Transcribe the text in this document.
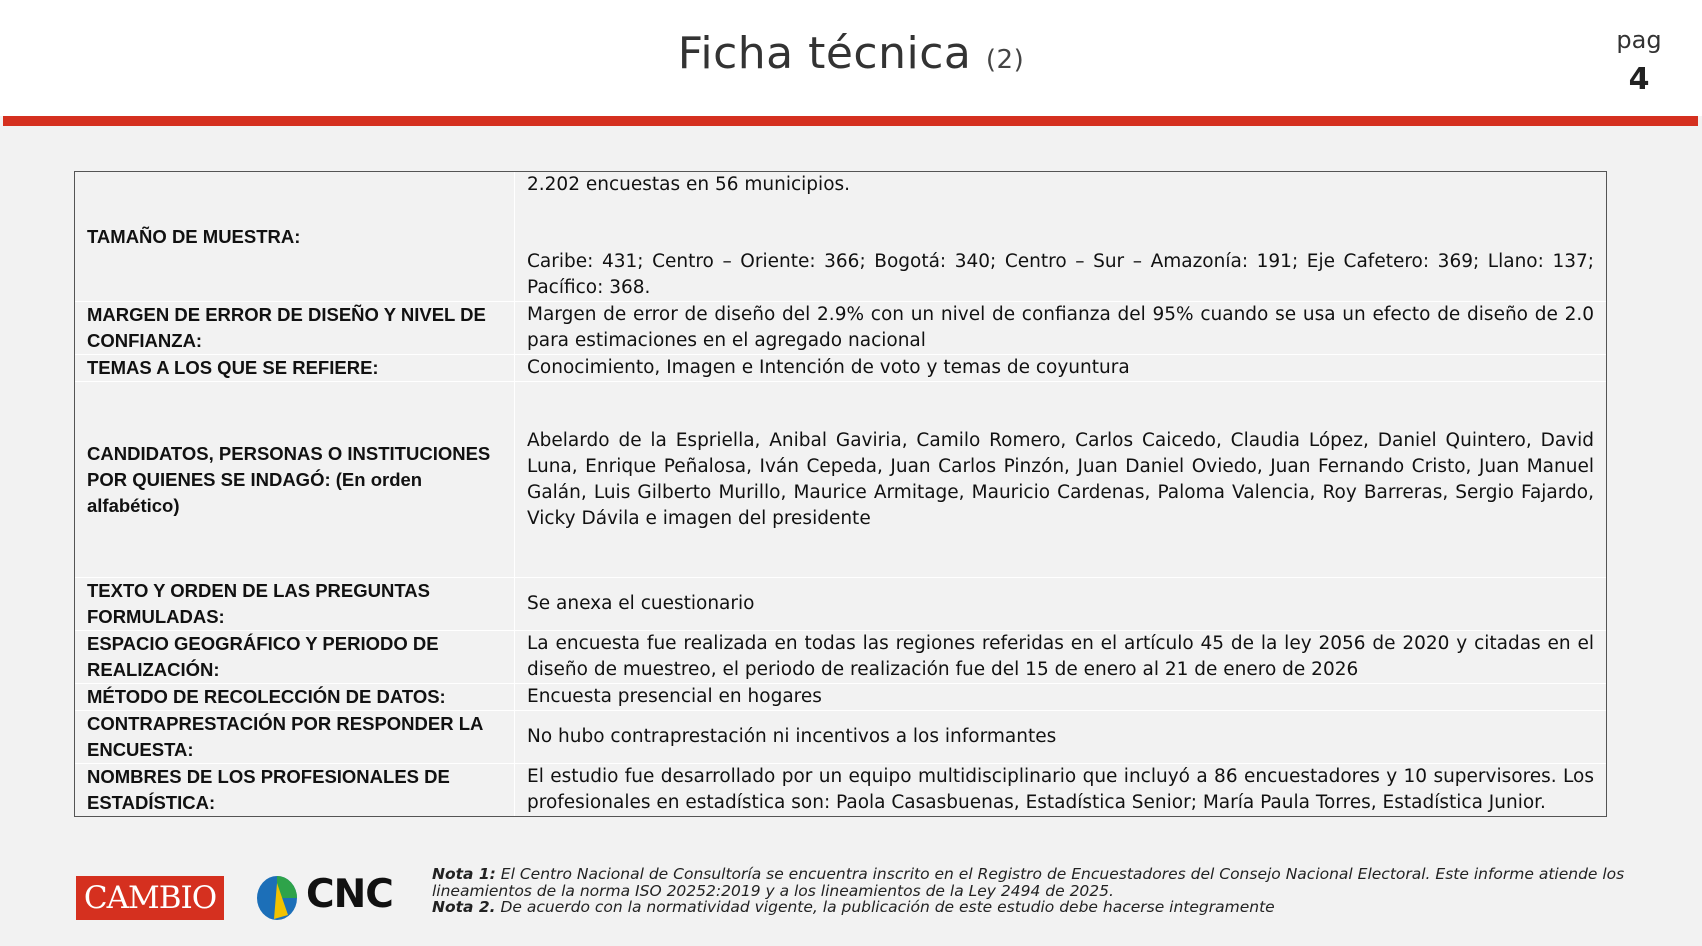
Ficha técnica (2)
pag
4
TAMAÑO DE MUESTRA:	2.202 encuestas en 56 municipios.
Caribe: 431; Centro – Oriente: 366; Bogotá: 340; Centro – Sur – Amazonía: 191; Eje Cafetero: 369; Llano: 137; Pacífico: 368.

MARGEN DE ERROR DE DISEÑO Y NIVEL DE CONFIANZA:	Margen de error de diseño del 2.9% con un nivel de confianza del 95% cuando se usa un efecto de diseño de 2.0 para estimaciones en el agregado nacional
TEMAS A LOS QUE SE REFIERE:	Conocimiento, Imagen e Intención de voto y temas de coyuntura
CANDIDATOS, PERSONAS O INSTITUCIONES POR QUIENES SE INDAGÓ: (En orden alfabético)	Abelardo de la Espriella, Anibal Gaviria, Camilo Romero, Carlos Caicedo, Claudia López, Daniel Quintero, David Luna, Enrique Peñalosa, Iván Cepeda, Juan Carlos Pinzón, Juan Daniel Oviedo, Juan Fernando Cristo, Juan Manuel Galán, Luis Gilberto Murillo, Maurice Armitage, Mauricio Cardenas, Paloma Valencia, Roy Barreras, Sergio Fajardo, Vicky Dávila e imagen del presidente
TEXTO Y ORDEN DE LAS PREGUNTAS FORMULADAS:	Se anexa el cuestionario
ESPACIO GEOGRÁFICO Y PERIODO DE REALIZACIÓN:	La encuesta fue realizada en todas las regiones referidas en el artículo 45 de la ley 2056 de 2020 y citadas en el diseño de muestreo, el periodo de realización fue del 15 de enero al 21 de enero de 2026
MÉTODO DE RECOLECCIÓN DE DATOS:	Encuesta presencial en hogares
CONTRAPRESTACIÓN POR RESPONDER LA ENCUESTA:	No hubo contraprestación ni incentivos a los informantes
NOMBRES DE LOS PROFESIONALES DE ESTADÍSTICA:	El estudio fue desarrollado por un equipo multidisciplinario que incluyó a 86 encuestadores y 10 supervisores. Los profesionales en estadística son: Paola Casasbuenas, Estadística Senior; María Paula Torres, Estadística Junior.
CAMBIO CNC	Nota 1: El Centro Nacional de Consultoría se encuentra inscrito en el Registro de Encuestadores del Consejo Nacional Electoral. Este informe atiende los lineamientos de la norma ISO 20252:2019 y a los lineamientos de la Ley 2494 de 2025.
Nota 2. De acuerdo con la normatividad vigente, la publicación de este estudio debe hacerse integramente
